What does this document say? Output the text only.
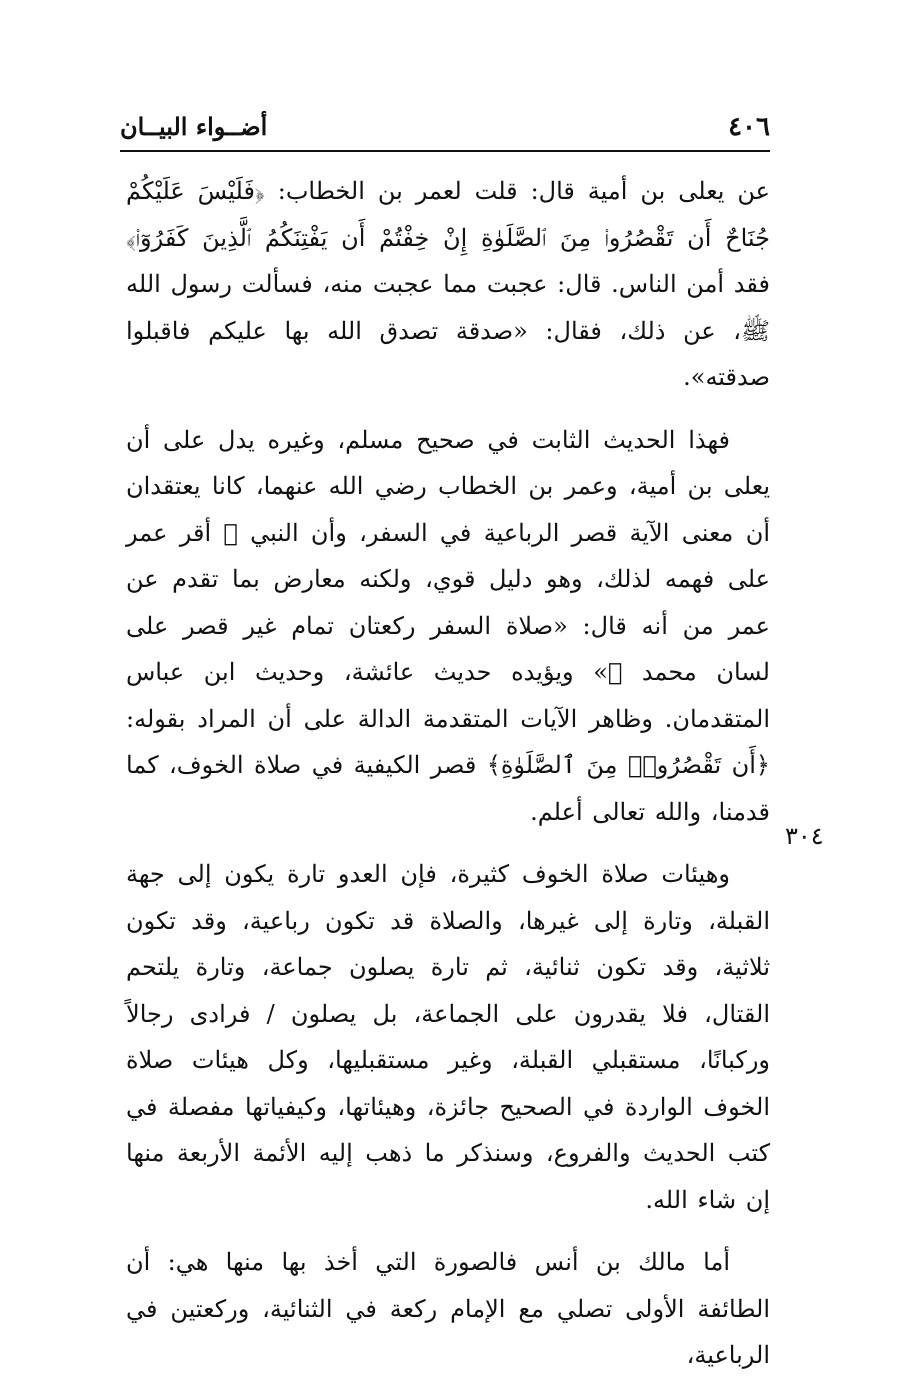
أضــواء البيــان	٤٠٦
٣٠٤

عن يعلى بن أمية قال: قلت لعمر بن الخطاب: ﴿فَلَيْسَ عَلَيْكُمْ جُنَاحٌ أَن تَقْصُرُوا۟ مِنَ ٱلصَّلَوٰةِ إِنْ خِفْتُمْ أَن يَفْتِنَكُمُ ٱلَّذِينَ كَفَرُوٓا۟﴾ فقد أمن الناس. قال: عجبت مما عجبت منه، فسألت رسول الله ﷺ، عن ذلك، فقال: «صدقة تصدق الله بها عليكم فاقبلوا صدقته».

فهذا الحديث الثابت في صحيح مسلم، وغيره يدل على أن يعلى بن أمية، وعمر بن الخطاب رضي الله عنهما، كانا يعتقدان أن معنى الآية قصر الرباعية في السفر، وأن النبي ﷺ أقر عمر على فهمه لذلك، وهو دليل قوي، ولكنه معارض بما تقدم عن عمر من أنه قال: «صلاة السفر ركعتان تمام غير قصر على لسان محمد ﷺ» ويؤيده حديث عائشة، وحديث ابن عباس المتقدمان. وظاهر الآيات المتقدمة الدالة على أن المراد بقوله: ﴿أَن تَقْصُرُوا۟ مِنَ ٱلصَّلَوٰةِ﴾ قصر الكيفية في صلاة الخوف، كما قدمنا، والله تعالى أعلم.

وهيئات صلاة الخوف كثيرة، فإن العدو تارة يكون إلى جهة القبلة، وتارة إلى غيرها، والصلاة قد تكون رباعية، وقد تكون ثلاثية، وقد تكون ثنائية، ثم تارة يصلون جماعة، وتارة يلتحم القتال، فلا يقدرون على الجماعة، بل يصلون / فرادى رجالاً وركبانًا، مستقبلي القبلة، وغير مستقبليها، وكل هيئات صلاة الخوف الواردة في الصحيح جائزة، وهيئاتها، وكيفياتها مفصلة في كتب الحديث والفروع، وسنذكر ما ذهب إليه الأئمة الأربعة منها إن شاء الله.

أما مالك بن أنس فالصورة التي أخذ بها منها هي: أن الطائفة الأولى تصلي مع الإمام ركعة في الثنائية، وركعتين في الرباعية،
